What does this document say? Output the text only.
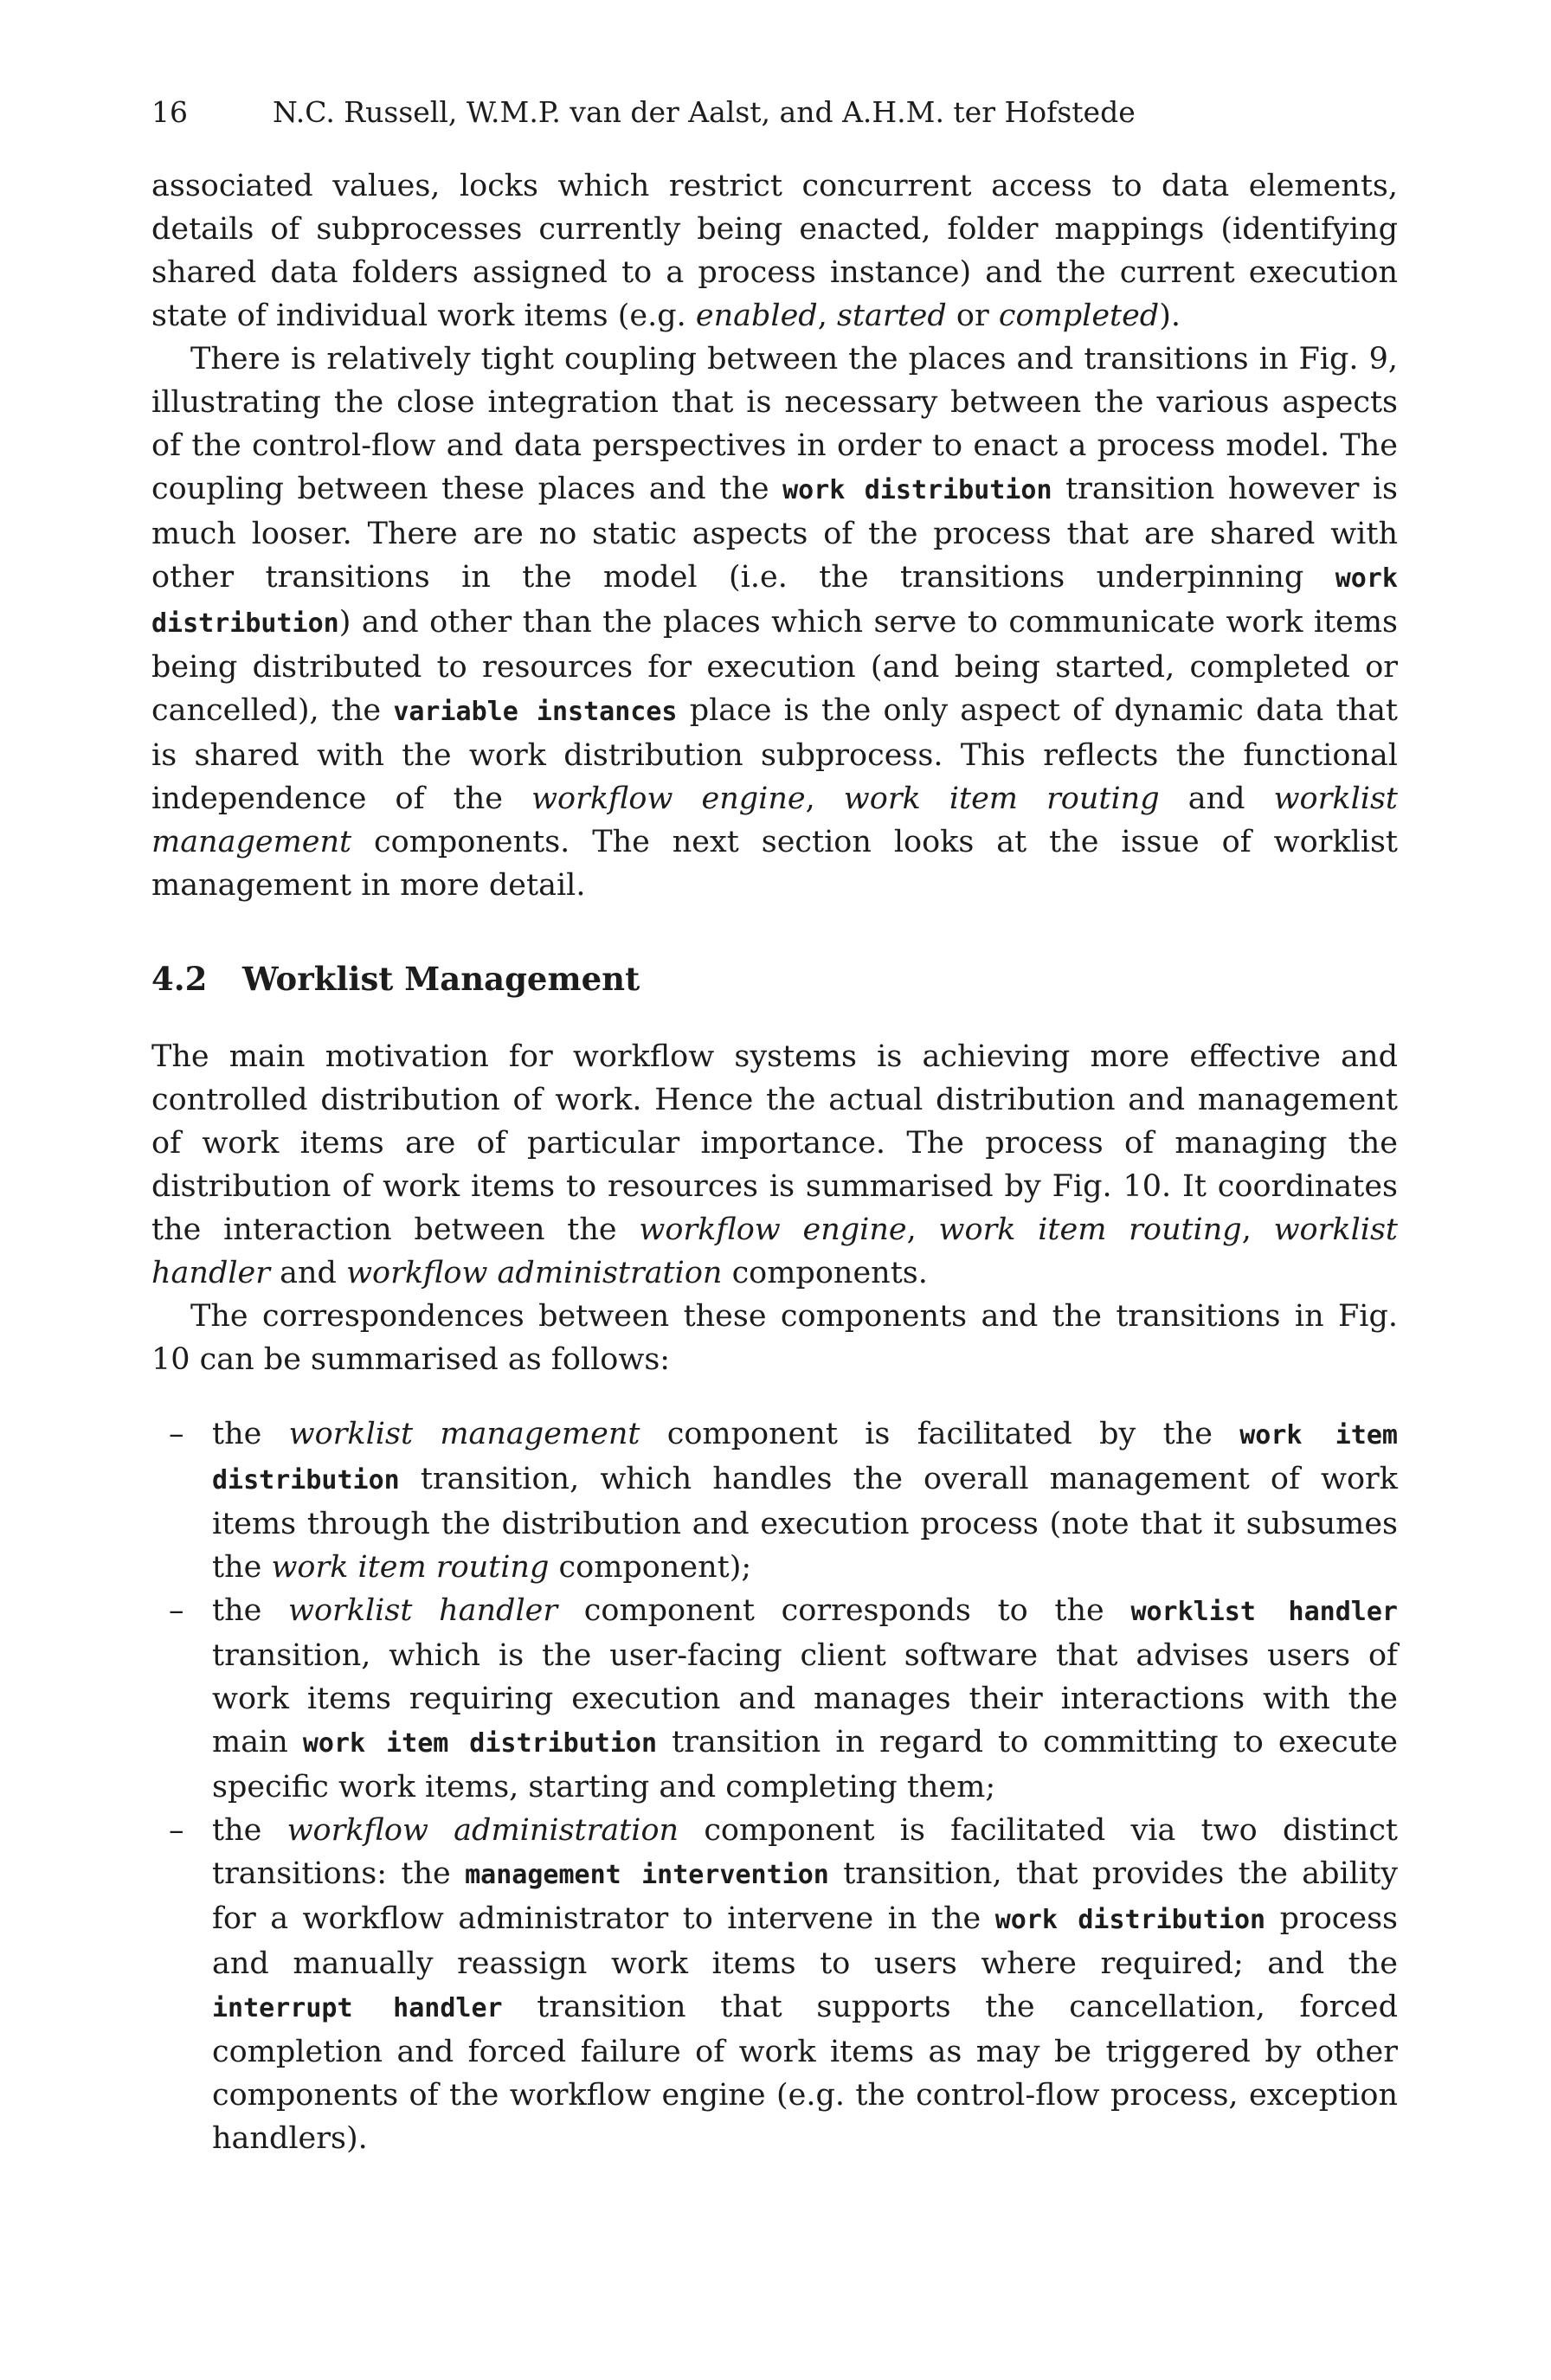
16	N.C. Russell, W.M.P. van der Aalst, and A.H.M. ter Hofstede

associated values, locks which restrict concurrent access to data elements, details of subprocesses currently being enacted, folder mappings (identifying shared data folders assigned to a process instance) and the current execution state of individual work items (e.g. enabled, started or completed).

There is relatively tight coupling between the places and transitions in Fig. 9, illustrating the close integration that is necessary between the various aspects of the control-flow and data perspectives in order to enact a process model. The coupling between these places and the work distribution transition however is much looser. There are no static aspects of the process that are shared with other transitions in the model (i.e. the transitions underpinning work distribution) and other than the places which serve to communicate work items being distributed to resources for execution (and being started, completed or cancelled), the variable instances place is the only aspect of dynamic data that is shared with the work distribution subprocess. This reflects the functional independence of the workflow engine, work item routing and worklist management components. The next section looks at the issue of worklist management in more detail.

4.2	Worklist Management

The main motivation for workflow systems is achieving more effective and controlled distribution of work. Hence the actual distribution and management of work items are of particular importance. The process of managing the distribution of work items to resources is summarised by Fig. 10. It coordinates the interaction between the workflow engine, work item routing, worklist handler and workflow administration components.

The correspondences between these components and the transitions in Fig. 10 can be summarised as follows:

– the worklist management component is facilitated by the work item distribution transition, which handles the overall management of work items through the distribution and execution process (note that it subsumes the work item routing component);
– the worklist handler component corresponds to the worklist handler transition, which is the user-facing client software that advises users of work items requiring execution and manages their interactions with the main work item distribution transition in regard to committing to execute specific work items, starting and completing them;
– the workflow administration component is facilitated via two distinct transitions: the management intervention transition, that provides the ability for a workflow administrator to intervene in the work distribution process and manually reassign work items to users where required; and the interrupt handler transition that supports the cancellation, forced completion and forced failure of work items as may be triggered by other components of the workflow engine (e.g. the control-flow process, exception handlers).
